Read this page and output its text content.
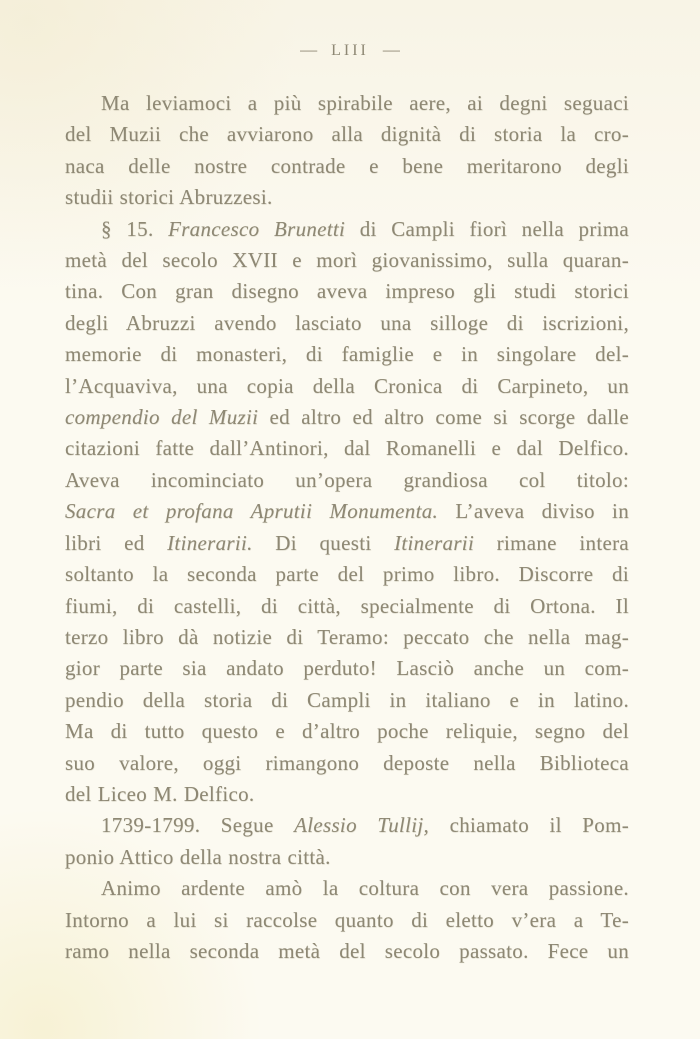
— LIII —
Ma leviamoci a più spirabile aere, ai degni seguaci
del Muzii che avviarono alla dignità di storia la cro-
naca delle nostre contrade e bene meritarono degli
studii storici Abruzzesi.
§ 15. Francesco Brunetti di Campli fiorì nella prima
metà del secolo XVII e morì giovanissimo, sulla quaran-
tina. Con gran disegno aveva impreso gli studi storici
degli Abruzzi avendo lasciato una silloge di iscrizioni,
memorie di monasteri, di famiglie e in singolare del-
l’Acquaviva, una copia della Cronica di Carpineto, un
compendio del Muzii ed altro ed altro come si scorge dalle
citazioni fatte dall’Antinori, dal Romanelli e dal Delfico.
Aveva incominciato un’opera grandiosa col titolo:
Sacra et profana Aprutii Monumenta. L’aveva diviso in
libri ed Itinerarii. Di questi Itinerarii rimane intera
soltanto la seconda parte del primo libro. Discorre di
fiumi, di castelli, di città, specialmente di Ortona. Il
terzo libro dà notizie di Teramo: peccato che nella mag-
gior parte sia andato perduto! Lasciò anche un com-
pendio della storia di Campli in italiano e in latino.
Ma di tutto questo e d’altro poche reliquie, segno del
suo valore, oggi rimangono deposte nella Biblioteca
del Liceo M. Delfico.
1739-1799. Segue Alessio Tullij, chiamato il Pom-
ponio Attico della nostra città.
Animo ardente amò la coltura con vera passione.
Intorno a lui si raccolse quanto di eletto v’era a Te-
ramo nella seconda metà del secolo passato. Fece un
